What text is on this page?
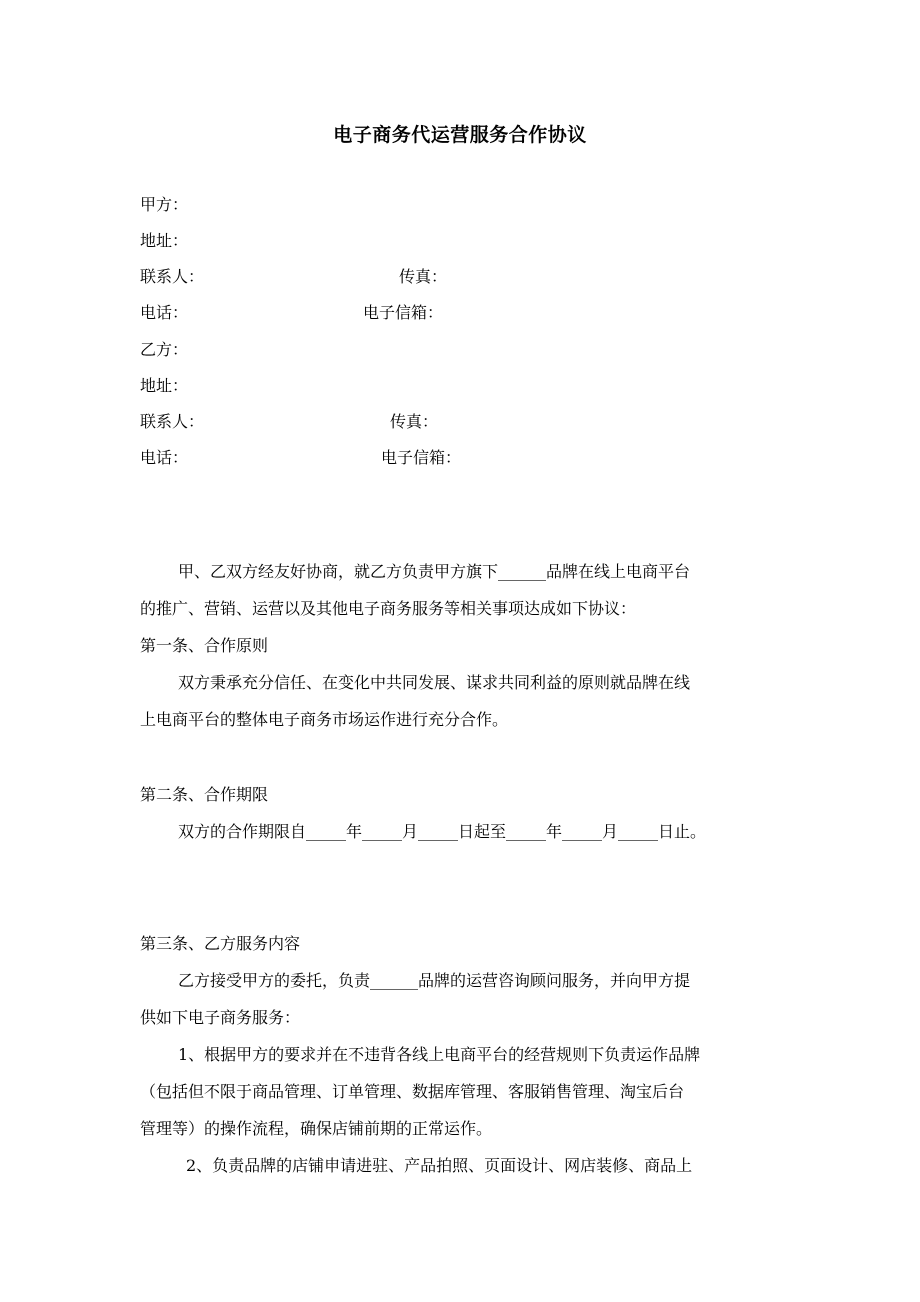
电子商务代运营服务合作协议
甲方：
地址：
联系人：	传真：
电话：	电子信箱：
乙方：
地址：
联系人：	传真：
电话：	电子信箱：
甲、乙双方经友好协商，就乙方负责甲方旗下______品牌在线上电商平台
的推广、营销、运营以及其他电子商务服务等相关事项达成如下协议：
第一条、合作原则
双方秉承充分信任、在变化中共同发展、谋求共同利益的原则就品牌在线
上电商平台的整体电子商务市场运作进行充分合作。
第二条、合作期限
双方的合作期限自_____年_____月_____日起至_____年_____月_____日止。
第三条、乙方服务内容
乙方接受甲方的委托，负责______品牌的运营咨询顾问服务，并向甲方提
供如下电子商务服务：
1、根据甲方的要求并在不违背各线上电商平台的经营规则下负责运作品牌
（包括但不限于商品管理、订单管理、数据库管理、客服销售管理、淘宝后台
管理等）的操作流程，确保店铺前期的正常运作。
2、负责品牌的店铺申请进驻、产品拍照、页面设计、网店装修、商品上
